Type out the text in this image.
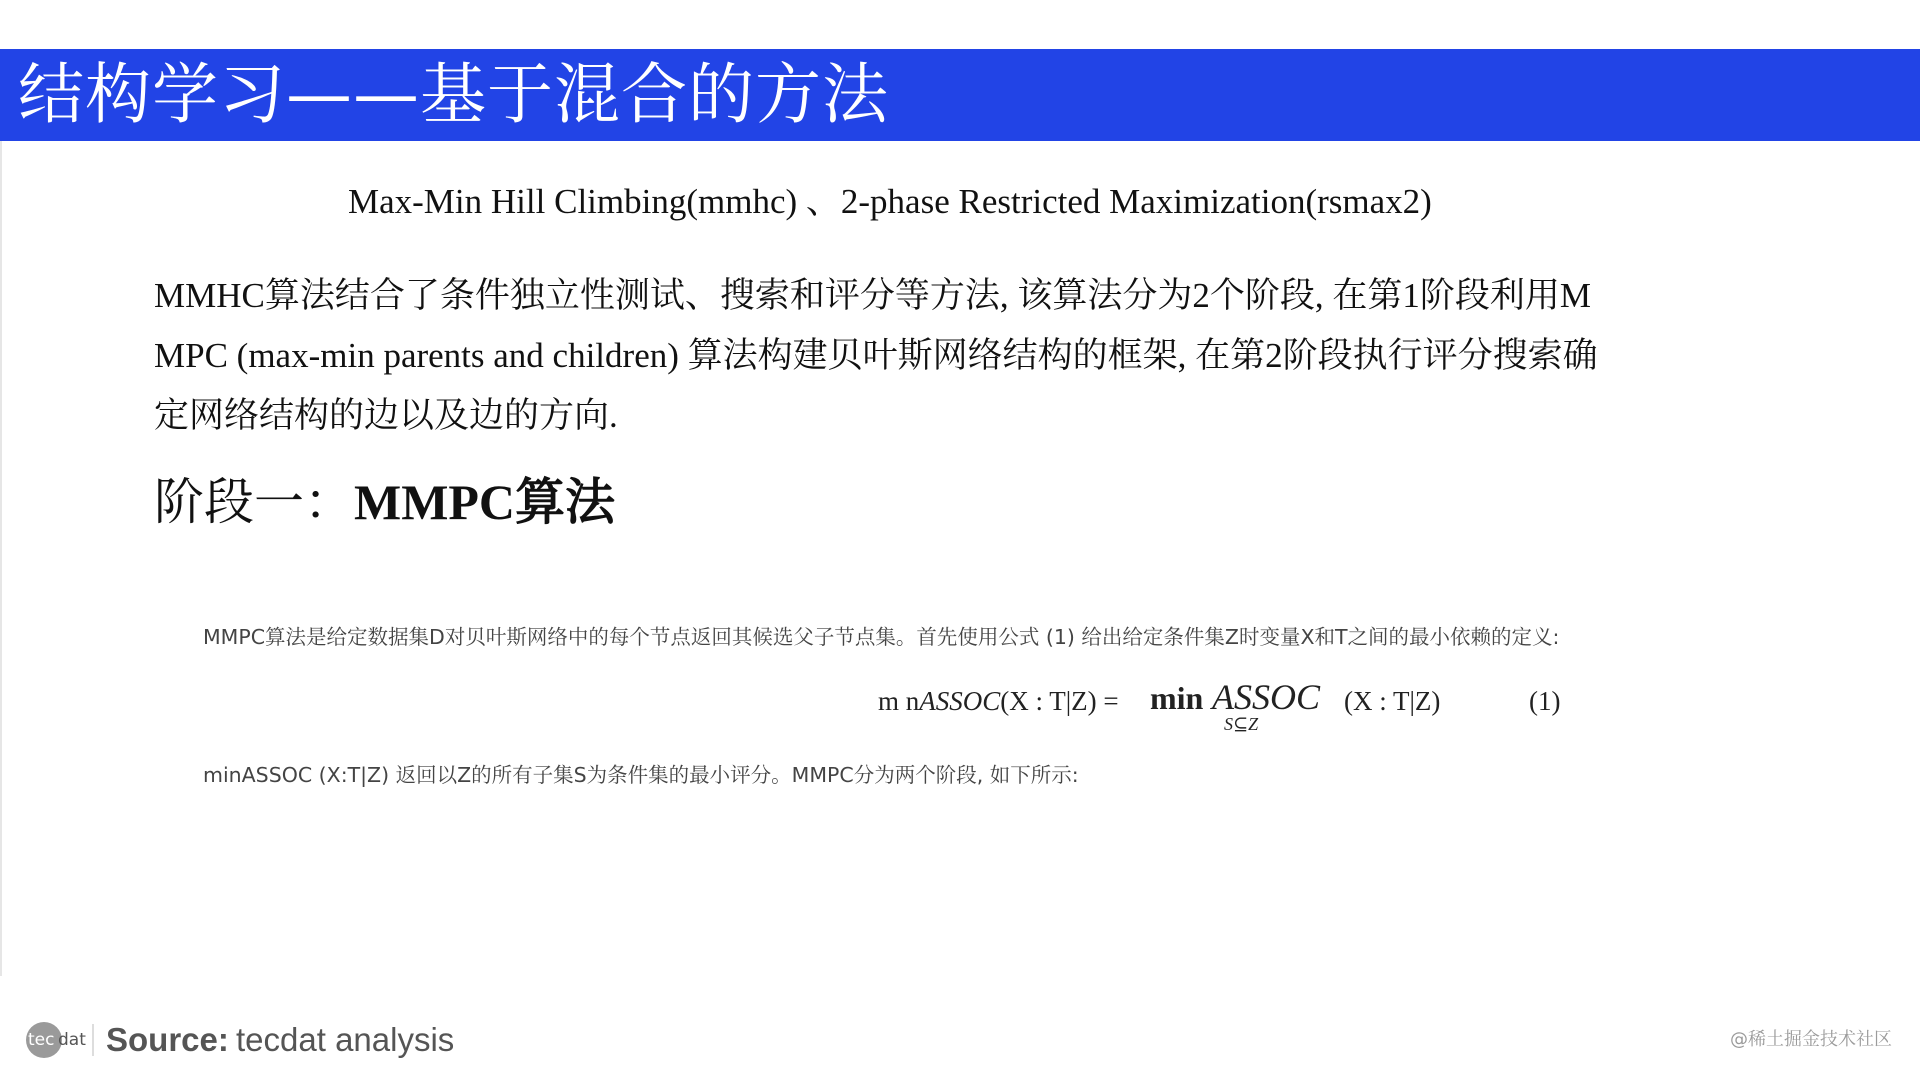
结构学习——基于混合的方法
Max-Min Hill Climbing(mmhc) 、2-phase Restricted Maximization(rsmax2)
MMHC算法结合了条件独立性测试、搜索和评分等方法, 该算法分为2个阶段, 在第1阶段利用M
MPC (max-min parents and children) 算法构建贝叶斯网络结构的框架, 在第2阶段执行评分搜索确
定网络结构的边以及边的方向.
阶段一：MMPC算法
MMPC算法是给定数据集D对贝叶斯网络中的每个节点返回其候选父子节点集。首先使用公式 (1) 给出给定条件集Z时变量X和T之间的最小依赖的定义:
m nASSOC(X : T|Z) = min ASSOC
S⊆Z
(X : T|Z)	(1)
minASSOC (X:T|Z) 返回以Z的所有子集S为条件集的最小评分。MMPC分为两个阶段, 如下所示:
tec dat Source: tecdat analysis	@稀土掘金技术社区
